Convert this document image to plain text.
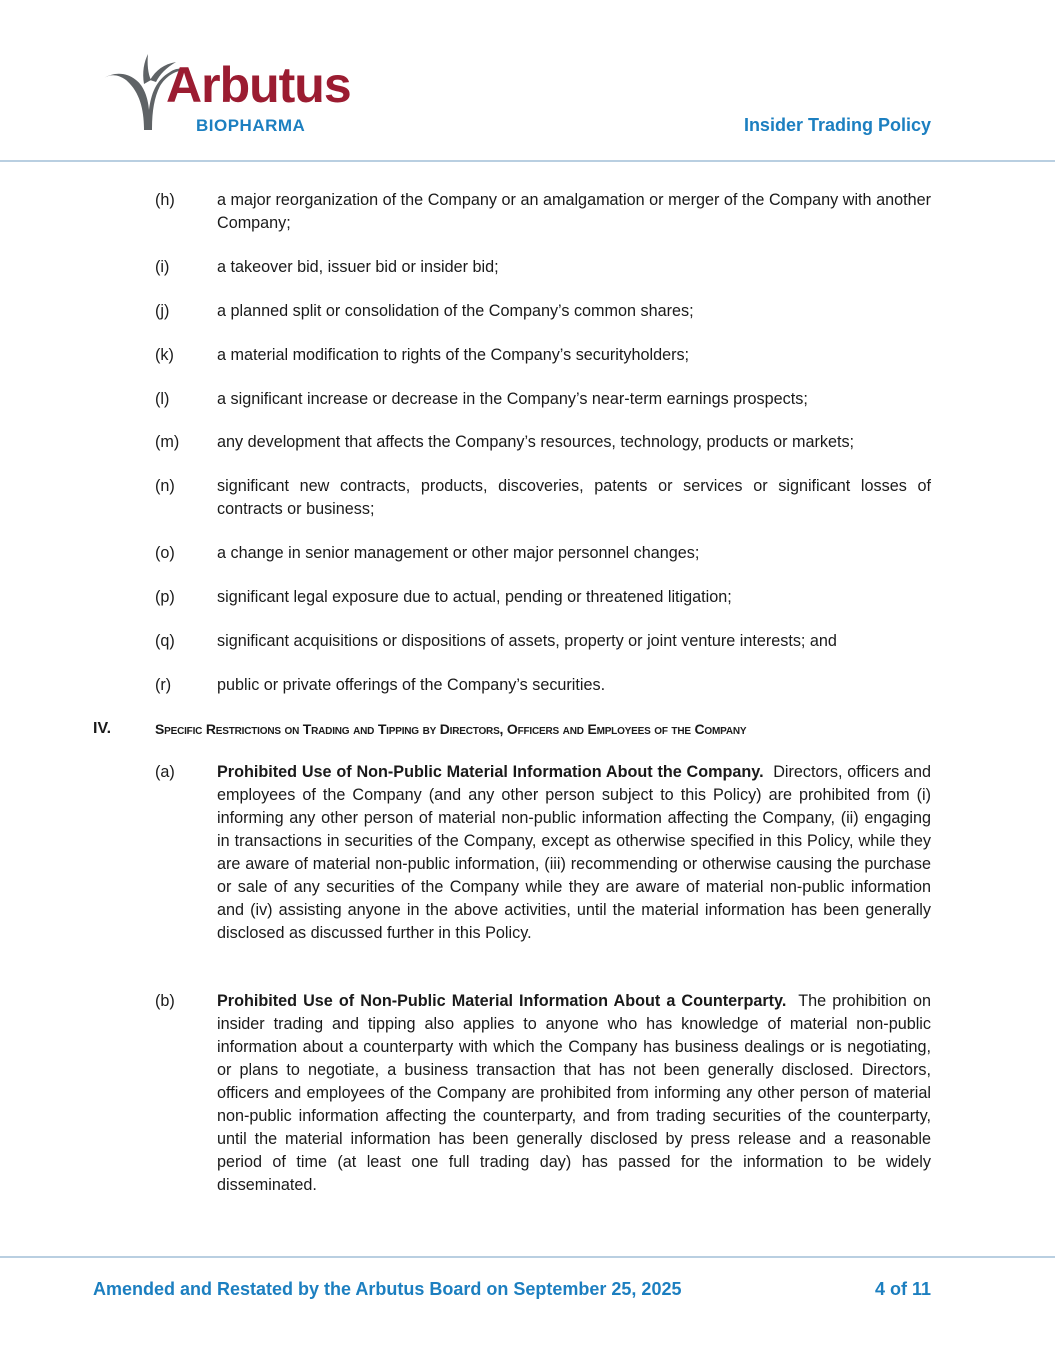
Arbutus
BIOPHARMA	Insider Trading Policy
(h)	a major reorganization of the Company or an amalgamation or merger of the Company with another Company;
(i)	a takeover bid, issuer bid or insider bid;
(j)	a planned split or consolidation of the Company’s common shares;
(k)	a material modification to rights of the Company’s securityholders;
(l)	a significant increase or decrease in the Company’s near-term earnings prospects;
(m) any development that affects the Company’s resources, technology, products or markets;
(n)	significant new contracts, products, discoveries, patents or services or significant losses of contracts or business;
(o)	a change in senior management or other major personnel changes;
(p)	significant legal exposure due to actual, pending or threatened litigation;
(q)	significant acquisitions or dispositions of assets, property or joint venture interests; and
(r)	public or private offerings of the Company’s securities.
IV.	Specific Restrictions on Trading and Tipping by Directors, Officers and Employees of the Company
(a)	Prohibited Use of Non-Public Material Information About the Company. Directors, officers and employees of the Company (and any other person subject to this Policy) are prohibited from (i) informing any other person of material non-public information affecting the Company, (ii) engaging in transactions in securities of the Company, except as otherwise specified in this Policy, while they are aware of material non-public information, (iii) recommending or otherwise causing the purchase or sale of any securities of the Company while they are aware of material non-public information and (iv) assisting anyone in the above activities, until the material information has been generally disclosed as discussed further in this Policy.
(b)	Prohibited Use of Non-Public Material Information About a Counterparty. The prohibition on insider trading and tipping also applies to anyone who has knowledge of material non-public information about a counterparty with which the Company has business dealings or is negotiating, or plans to negotiate, a business transaction that has not been generally disclosed. Directors, officers and employees of the Company are prohibited from informing any other person of material non-public information affecting the counterparty, and from trading securities of the counterparty, until the material information has been generally disclosed by press release and a reasonable period of time (at least one full trading day) has passed for the information to be widely disseminated.
Amended and Restated by the Arbutus Board on September 25, 2025	4 of 11
